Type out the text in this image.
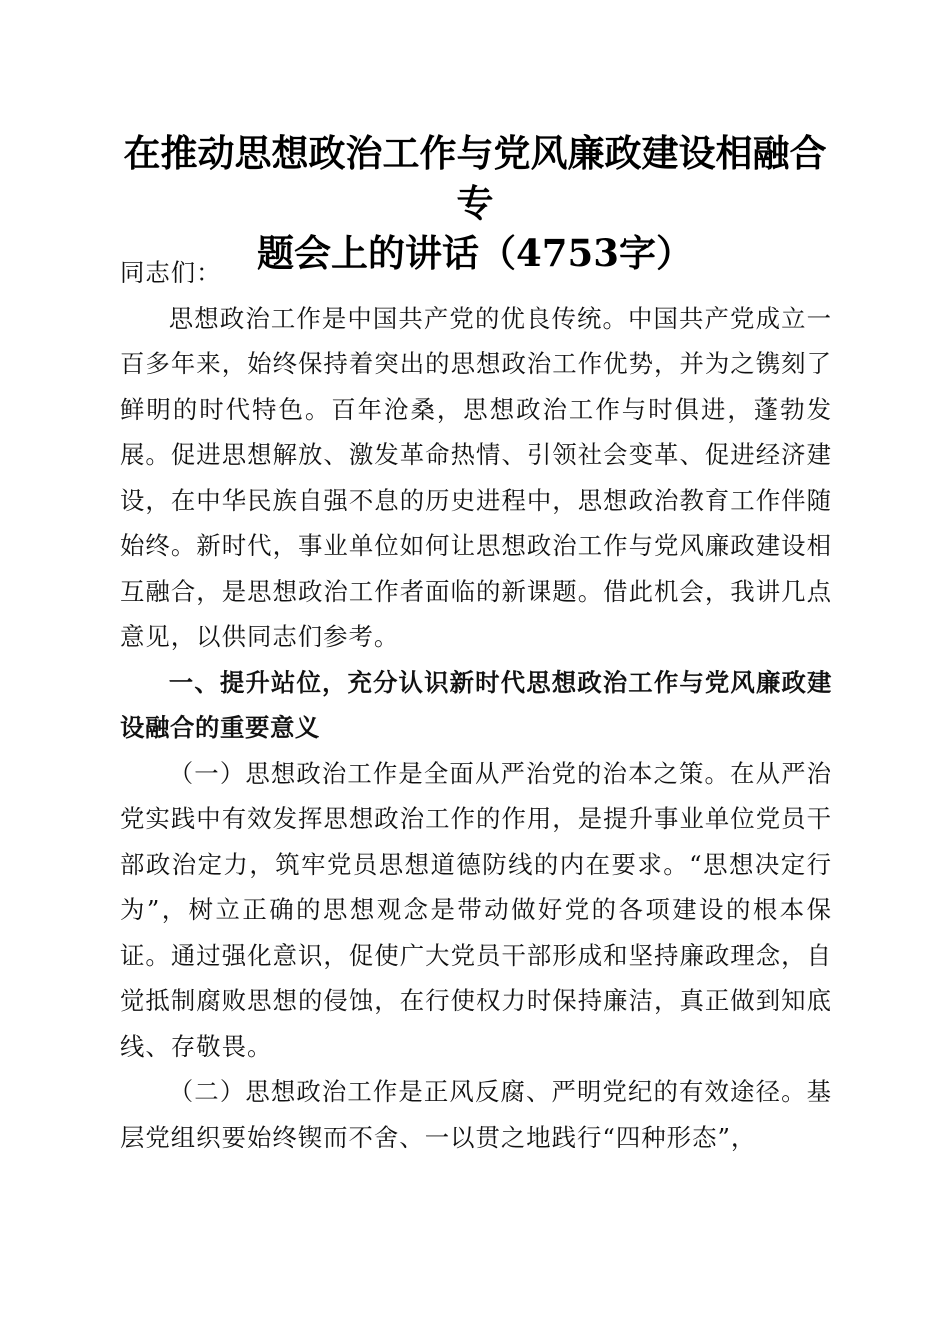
在推动思想政治工作与党风廉政建设相融合专
题会上的讲话（4753字）

同志们：

思想政治工作是中国共产党的优良传统。中国共产党成立一百多年来，始终保持着突出的思想政治工作优势，并为之镌刻了鲜明的时代特色。百年沧桑，思想政治工作与时俱进，蓬勃发展。促进思想解放、激发革命热情、引领社会变革、促进经济建设，在中华民族自强不息的历史进程中，思想政治教育工作伴随始终。新时代，事业单位如何让思想政治工作与党风廉政建设相互融合，是思想政治工作者面临的新课题。借此机会，我讲几点意见，以供同志们参考。

一、提升站位，充分认识新时代思想政治工作与党风廉政建设融合的重要意义

（一）思想政治工作是全面从严治党的治本之策。在从严治党实践中有效发挥思想政治工作的作用，是提升事业单位党员干部政治定力，筑牢党员思想道德防线的内在要求。“思想决定行为”，树立正确的思想观念是带动做好党的各项建设的根本保证。通过强化意识，促使广大党员干部形成和坚持廉政理念，自觉抵制腐败思想的侵蚀，在行使权力时保持廉洁，真正做到知底线、存敬畏。

（二）思想政治工作是正风反腐、严明党纪的有效途径。基层党组织要始终锲而不舍、一以贯之地践行“四种形态”，
